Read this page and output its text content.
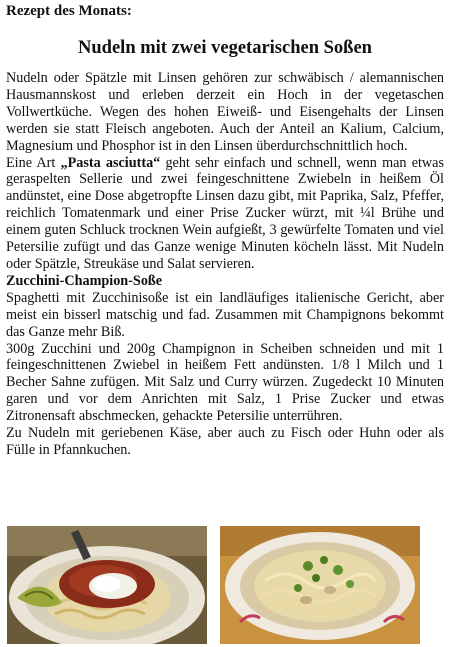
Rezept des Monats:
Nudeln mit zwei vegetarischen Soßen

Nudeln oder Spätzle mit Linsen gehören zur schwäbisch / alemannischen Hausmannskost und erleben derzeit ein Hoch in der vegetaschen Vollwertküche. Wegen des hohen Eiweiß- und Eisengehalts der Linsen werden sie statt Fleisch angeboten. Auch der Anteil an Kalium, Calcium, Magnesium und Phosphor ist in den Linsen überdurchschnittlich hoch.

Eine Art „Pasta asciutta“ geht sehr einfach und schnell, wenn man etwas geraspelten Sellerie und zwei feingeschnittene Zwiebeln in heißem Öl andünstet, eine Dose abgetropfte Linsen dazu gibt, mit Paprika, Salz, Pfeffer, reichlich Tomatenmark und einer Prise Zucker würzt, mit ¼l Brühe und einem guten Schluck trocknen Wein aufgießt, 3 gewürfelte Tomaten und viel Petersilie zufügt und das Ganze wenige Minuten köcheln lässt. Mit Nudeln oder Spätzle, Streukäse und Salat servieren.

Zucchini-Champion-Soße

Spaghetti mit Zucchinisoße ist ein landläufiges italienische Gericht, aber meist ein bisserl matschig und fad. Zusammen mit Champignons bekommt das Ganze mehr Biß.

300g Zucchini und 200g Champignon in Scheiben schneiden und mit 1 feingeschnittenen Zwiebel in heißem Fett andünsten. 1/8 l Milch und 1 Becher Sahne zufügen. Mit Salz und Curry würzen. Zugedeckt 10 Minuten garen und vor dem Anrichten mit Salz, 1 Prise Zucker und etwas Zitronensaft abschmecken, gehackte Petersilie unterrühren.

Zu Nudeln mit geriebenen Käse, aber auch zu Fisch oder Huhn oder als Fülle in Pfannkuchen.
